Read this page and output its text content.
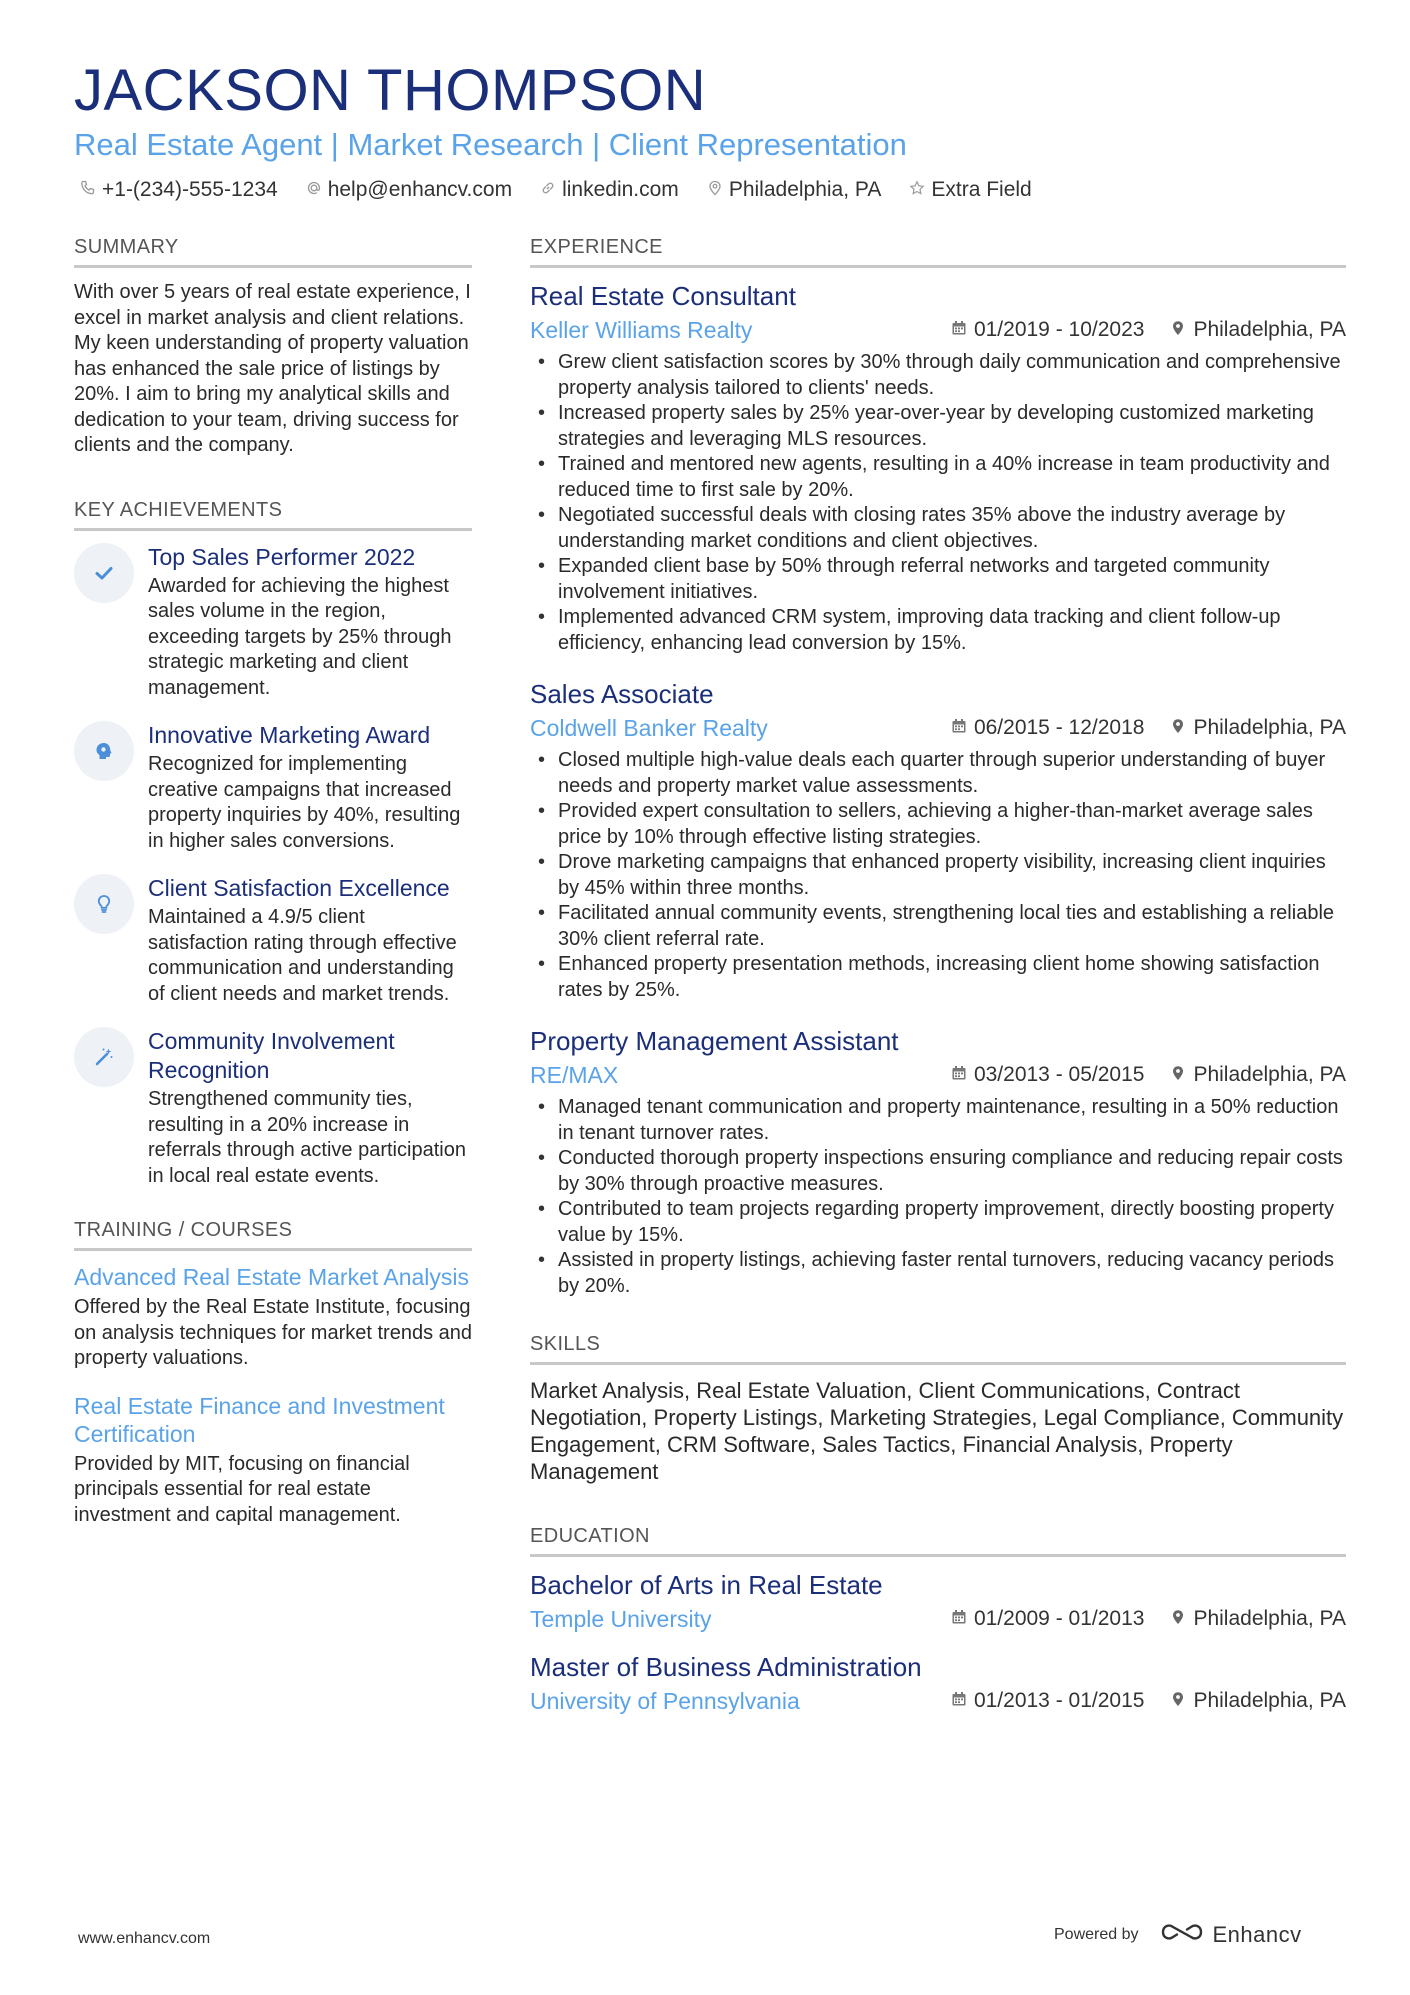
JACKSON THOMPSON
Real Estate Agent | Market Research | Client Representation
+1-(234)-555-1234 help@enhancv.com linkedin.com Philadelphia, PA Extra Field
SUMMARY

With over 5 years of real estate experience, I excel in market analysis and client relations. My keen understanding of property valuation has enhanced the sale price of listings by 20%. I aim to bring my analytical skills and dedication to your team, driving success for clients and the company.

KEY ACHIEVEMENTS
Top Sales Performer 2022
Awarded for achieving the highest sales volume in the region, exceeding targets by 25% through strategic marketing and client management.
Innovative Marketing Award
Recognized for implementing creative campaigns that increased property inquiries by 40%, resulting in higher sales conversions.
Client Satisfaction Excellence
Maintained a 4.9/5 client satisfaction rating through effective communication and understanding of client needs and market trends.
Community Involvement Recognition
Strengthened community ties, resulting in a 20% increase in referrals through active participation in local real estate events.
TRAINING / COURSES
Advanced Real Estate Market Analysis
Offered by the Real Estate Institute, focusing on analysis techniques for market trends and property valuations.
Real Estate Finance and Investment Certification
Provided by MIT, focusing on financial principals essential for real estate investment and capital management.
EXPERIENCE
Real Estate Consultant
Keller Williams Realty	01/2019 - 10/2023 Philadelphia, PA
• Grew client satisfaction scores by 30% through daily communication and comprehensive property analysis tailored to clients' needs.
• Increased property sales by 25% year-over-year by developing customized marketing strategies and leveraging MLS resources.
• Trained and mentored new agents, resulting in a 40% increase in team productivity and reduced time to first sale by 20%.
• Negotiated successful deals with closing rates 35% above the industry average by understanding market conditions and client objectives.
• Expanded client base by 50% through referral networks and targeted community involvement initiatives.
• Implemented advanced CRM system, improving data tracking and client follow-up efficiency, enhancing lead conversion by 15%.
Sales Associate
Coldwell Banker Realty	06/2015 - 12/2018 Philadelphia, PA
• Closed multiple high-value deals each quarter through superior understanding of buyer needs and property market value assessments.
• Provided expert consultation to sellers, achieving a higher-than-market average sales price by 10% through effective listing strategies.
• Drove marketing campaigns that enhanced property visibility, increasing client inquiries by 45% within three months.
• Facilitated annual community events, strengthening local ties and establishing a reliable 30% client referral rate.
• Enhanced property presentation methods, increasing client home showing satisfaction rates by 25%.
Property Management Assistant
RE/MAX	03/2013 - 05/2015 Philadelphia, PA
• Managed tenant communication and property maintenance, resulting in a 50% reduction in tenant turnover rates.
• Conducted thorough property inspections ensuring compliance and reducing repair costs by 30% through proactive measures.
• Contributed to team projects regarding property improvement, directly boosting property value by 15%.
• Assisted in property listings, achieving faster rental turnovers, reducing vacancy periods by 20%.
SKILLS

Market Analysis, Real Estate Valuation, Client Communications, Contract Negotiation, Property Listings, Marketing Strategies, Legal Compliance, Community Engagement, CRM Software, Sales Tactics, Financial Analysis, Property Management

EDUCATION
Bachelor of Arts in Real Estate
Temple University	01/2009 - 01/2013 Philadelphia, PA
Master of Business Administration
University of Pennsylvania	01/2013 - 01/2015 Philadelphia, PA
www.enhancv.com	Powered by	Enhancv
